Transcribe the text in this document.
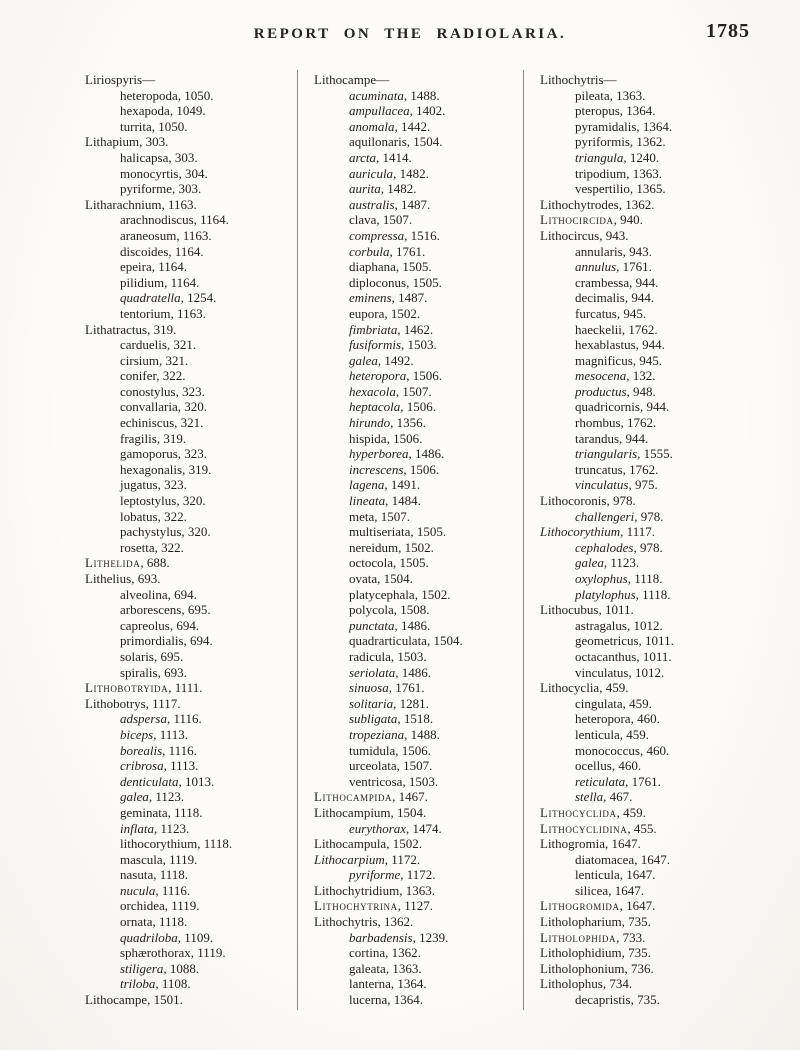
REPORT ON THE RADIOLARIA.	1785
Liriospyris—
heteropoda, 1050.
hexapoda, 1049.
turrita, 1050.
Lithapium, 303.
halicapsa, 303.
monocyrtis, 304.
pyriforme, 303.
Litharachnium, 1163.
arachnodiscus, 1164.
araneosum, 1163.
discoides, 1164.
epeira, 1164.
pilidium, 1164.
quadratella, 1254.
tentorium, 1163.
Lithatractus, 319.
carduelis, 321.
cirsium, 321.
conifer, 322.
conostylus, 323.
convallaria, 320.
echiniscus, 321.
fragilis, 319.
gamoporus, 323.
hexagonalis, 319.
jugatus, 323.
leptostylus, 320.
lobatus, 322.
pachystylus, 320.
rosetta, 322.
Lithelida, 688.
Lithelius, 693.
alveolina, 694.
arborescens, 695.
capreolus, 694.
primordialis, 694.
solaris, 695.
spiralis, 693.
Lithobotryida, 1111.
Lithobotrys, 1117.
adspersa, 1116.
biceps, 1113.
borealis, 1116.
cribrosa, 1113.
denticulata, 1013.
galea, 1123.
geminata, 1118.
inflata, 1123.
lithocorythium, 1118.
mascula, 1119.
nasuta, 1118.
nucula, 1116.
orchidea, 1119.
ornata, 1118.
quadriloba, 1109.
sphærothorax, 1119.
stiligera, 1088.
triloba, 1108.
Lithocampe, 1501.
Lithocampe—
acuminata, 1488.
ampullacea, 1402.
anomala, 1442.
aquilonaris, 1504.
arcta, 1414.
auricula, 1482.
aurita, 1482.
australis, 1487.
clava, 1507.
compressa, 1516.
corbula, 1761.
diaphana, 1505.
diploconus, 1505.
eminens, 1487.
eupora, 1502.
fimbriata, 1462.
fusiformis, 1503.
galea, 1492.
heteropora, 1506.
hexacola, 1507.
heptacola, 1506.
hirundo, 1356.
hispida, 1506.
hyperborea, 1486.
increscens, 1506.
lagena, 1491.
lineata, 1484.
meta, 1507.
multiseriata, 1505.
nereidum, 1502.
octocola, 1505.
ovata, 1504.
platycephala, 1502.
polycola, 1508.
punctata, 1486.
quadrarticulata, 1504.
radicula, 1503.
seriolata, 1486.
sinuosa, 1761.
solitaria, 1281.
subligata, 1518.
tropeziana, 1488.
tumidula, 1506.
urceolata, 1507.
ventricosa, 1503.
Lithocampida, 1467.
Lithocampium, 1504.
eurythorax, 1474.
Lithocampula, 1502.
Lithocarpium, 1172.
pyriforme, 1172.
Lithochytridium, 1363.
Lithochytrina, 1127.
Lithochytris, 1362.
barbadensis, 1239.
cortina, 1362.
galeata, 1363.
lanterna, 1364.
lucerna, 1364.
Lithochytris—
pileata, 1363.
pteropus, 1364.
pyramidalis, 1364.
pyriformis, 1362.
triangula, 1240.
tripodium, 1363.
vespertilio, 1365.
Lithochytrodes, 1362.
Lithocircida, 940.
Lithocircus, 943.
annularis, 943.
annulus, 1761.
crambessa, 944.
decimalis, 944.
furcatus, 945.
haeckelii, 1762.
hexablastus, 944.
magnificus, 945.
mesocena, 132.
productus, 948.
quadricornis, 944.
rhombus, 1762.
tarandus, 944.
triangularis, 1555.
truncatus, 1762.
vinculatus, 975.
Lithocoronis, 978.
challengeri, 978.
Lithocorythium, 1117.
cephalodes, 978.
galea, 1123.
oxylophus, 1118.
platylophus, 1118.
Lithocubus, 1011.
astragalus, 1012.
geometricus, 1011.
octacanthus, 1011.
vinculatus, 1012.
Lithocyclia, 459.
cingulata, 459.
heteropora, 460.
lenticula, 459.
monococcus, 460.
ocellus, 460.
reticulata, 1761.
stella, 467.
Lithocyclida, 459.
Lithocyclidina, 455.
Lithogromia, 1647.
diatomacea, 1647.
lenticula, 1647.
silicea, 1647.
Lithogromida, 1647.
Litholopharium, 735.
Litholophida, 733.
Litholophidium, 735.
Litholophonium, 736.
Litholophus, 734.
decapristis, 735.
